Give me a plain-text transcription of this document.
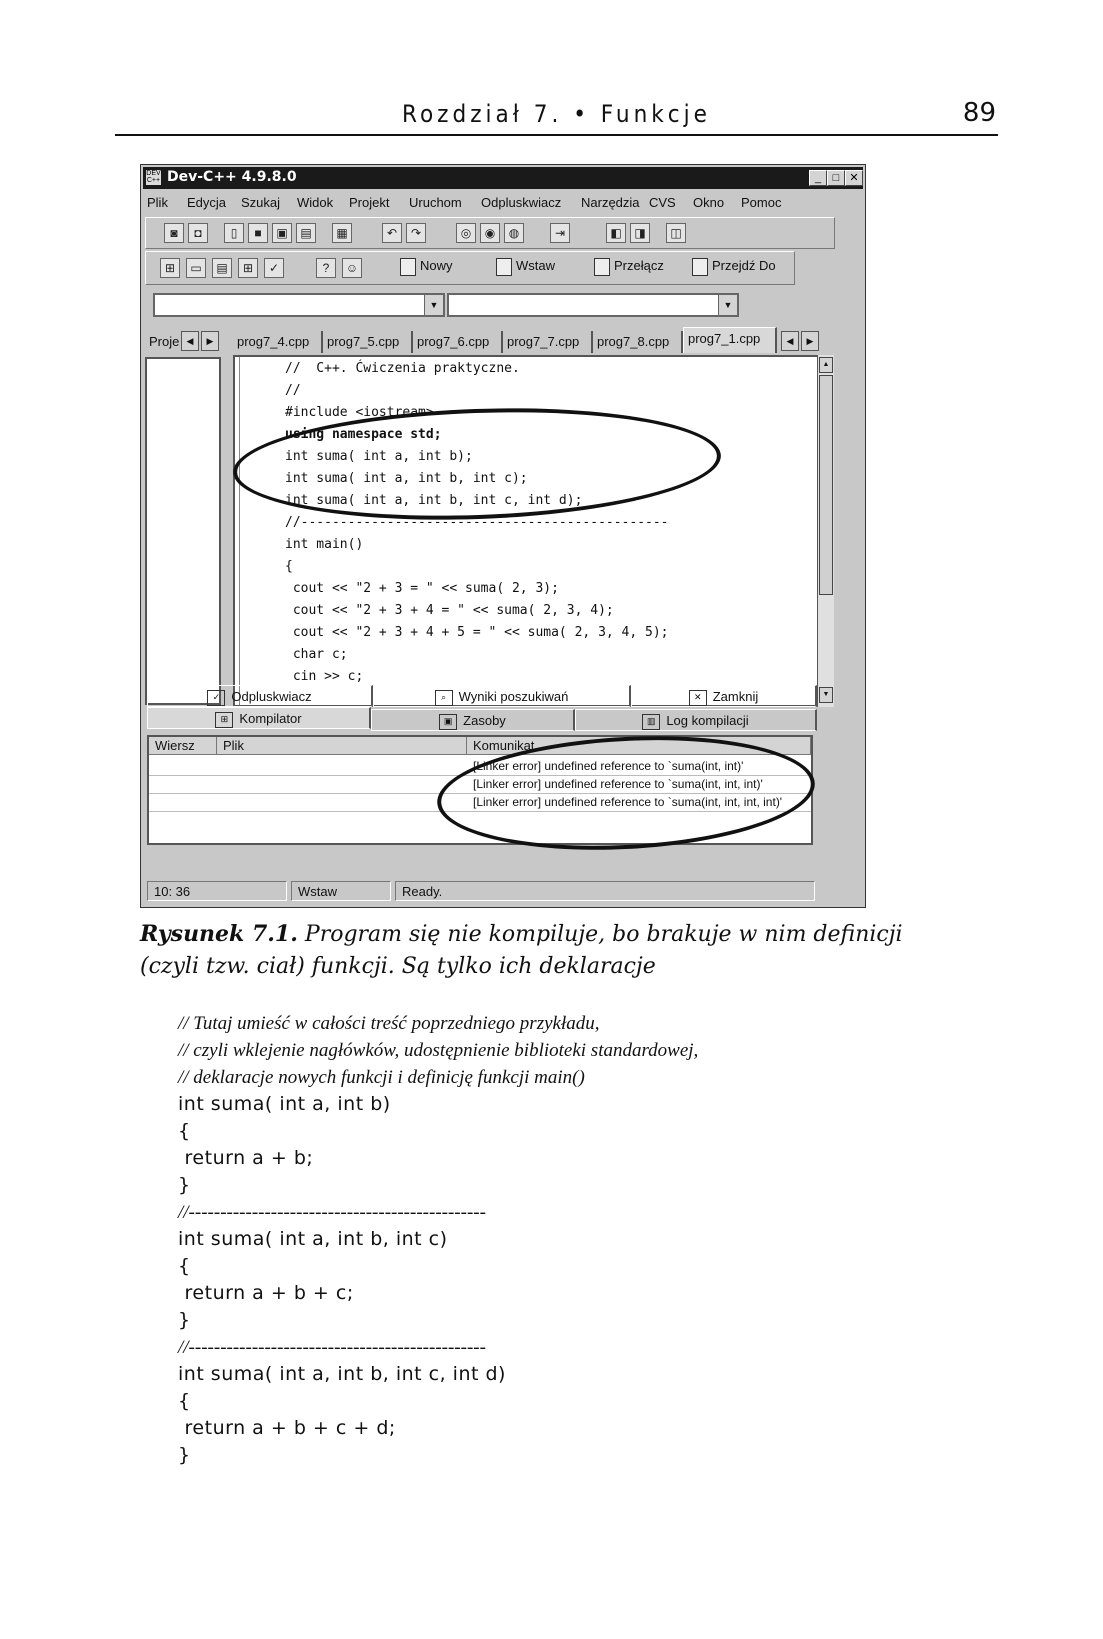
Rozdział 7. • Funkcje	89
DEV C++ Dev-C++ 4.9.8.0	_	□ ✕
Plik Edycja Szukaj Widok Projekt Uruchom Odpluskwiacz Narzędzia CVS Okno Pomoc
◙	◘	▯	■	▣	▤	▦	↶	↷	◎	◉	◍	⇥	◧	◨	◫
⊞	▭	▤	⊞	✓	?	☺	Nowy	Wstaw	Przełącz	Przejdź Do
▼	▼
Proje ◀	▶	prog7_4.cpp	prog7_5.cpp	prog7_6.cpp	prog7_7.cpp	prog7_8.cpp	prog7_1.cpp	◀	▶
//  C++. Ćwiczenia praktyczne.
//
#include <iostream>
using namespace std;
int suma( int a, int b);
int suma( int a, int b, int c);
int suma( int a, int b, int c, int d);
//-----------------------------------------------
int main()
{
cout << "2 + 3 = " << suma( 2, 3);
cout << "2 + 3 + 4 = " << suma( 2, 3, 4);
cout << "2 + 3 + 4 + 5 = " << suma( 2, 3, 4, 5);
char c;
cin >> c;
▲
▼
✓ Odpluskwiacz	⌕ Wyniki poszukiwań	✕ Zamknij
⊞ Kompilator	▣ Zasoby	▥ Log kompilacji
Wiersz	Plik	Komunikat
[Linker error] undefined reference to `suma(int, int)'
[Linker error] undefined reference to `suma(int, int, int)'
[Linker error] undefined reference to `suma(int, int, int, int)'
10: 36	Wstaw	Ready.
Rysunek 7.1. Program się nie kompiluje, bo brakuje w nim definicji (czyli tzw. ciał) funkcji. Są tylko ich deklaracje
// Tutaj umieść w całości treść poprzedniego przykładu,
// czyli wklejenie nagłówków, udostępnienie biblioteki standardowej,
// deklaracje nowych funkcji i definicję funkcji main()
int suma( int a, int b)
{
return a + b;
}
//-----------------------------------------------
int suma( int a, int b, int c)
{
return a + b + c;
}
//-----------------------------------------------
int suma( int a, int b, int c, int d)
{
return a + b + c + d;
}
